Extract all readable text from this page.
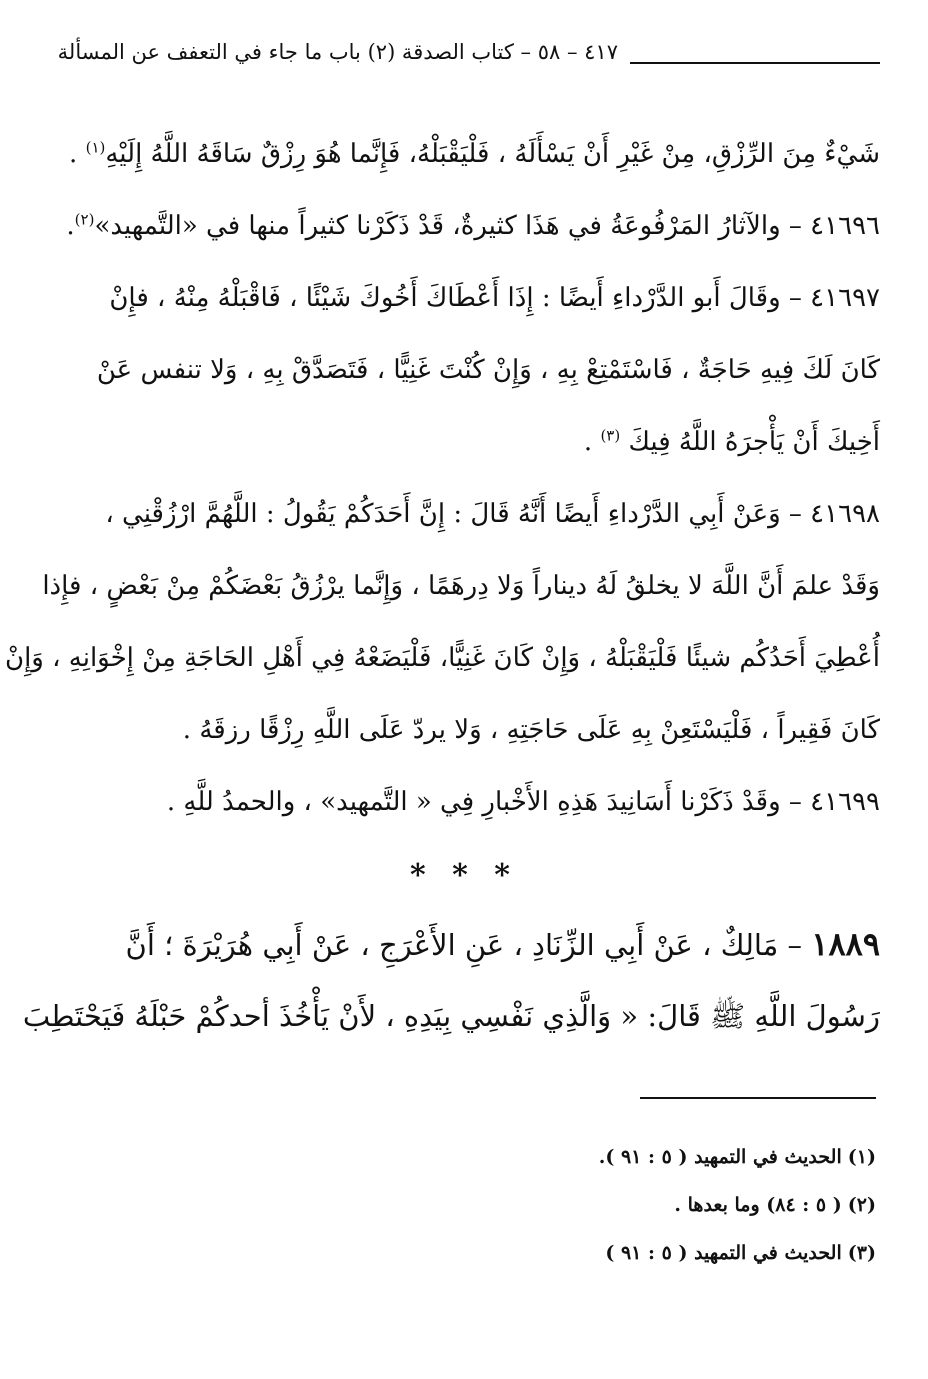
٤١٧ – ٥٨ – كتاب الصدقة (٢) باب ما جاء في التعفف عن المسألة
شَيْءٌ مِنَ الرِّزْقِ، مِنْ غَيْرِ أَنْ يَسْأَلَهُ ، فَلْيَقْبَلْهُ، فَإِنَّما هُوَ رِزْقٌ سَاقَهُ اللَّهُ إِلَيْهِ$^{(١)}$ .
٤١٦٩٦ – والآثارُ المَرْفُوعَةُ في هَذَا كثيرةٌ، قَدْ ذَكَرْنا كثيراً منها في «التَّمهيد»$^{(٢)}$.
٤١٦٩٧ – وقَالَ أَبو الدَّرْداءِ أَيضًا : إِذَا أَعْطَاكَ أَخُوكَ شَيْئًا ، فَاقْبَلْهُ مِنْهُ ، فإِنْ
كَانَ لَكَ فِيهِ حَاجَةٌ ، فَاسْتَمْتِعْ بِهِ ، وَإِنْ كُنْتَ غَنِيًّا ، فَتَصَدَّقْ بِهِ ، وَلا تنفس عَنْ
أَخِيكَ أَنْ يَأْجرَهُ اللَّهُ فِيكَ $^{(٣)}$ .
٤١٦٩٨ – وَعَنْ أَبِي الدَّرْداءِ أَيضًا أَنَّهُ قَالَ : إِنَّ أَحَدَكُمْ يَقُولُ : اللَّهُمَّ ارْزُقْنِي ،
وَقَدْ علمَ أَنَّ اللَّهَ لا يخلقُ لَهُ ديناراً وَلا دِرهَمًا ، وَإِنَّما يرْزُقُ بَعْضَكُمْ مِنْ بَعْضٍ ، فإِذا
أُعْطِيَ أَحَدُكُم شيئًا فَلْيَقْبَلْهُ ، وَإِنْ كَانَ غَنِيًّا، فَلْيَضَعْهُ فِي أَهْلِ الحَاجَةِ مِنْ إِخْوَانِهِ ، وَإِنْ
كَانَ فَقِيراً ، فَلْيَسْتَعِنْ بِهِ عَلَى حَاجَتِهِ ، وَلا يردّ عَلَى اللَّهِ رِزْقًا رزقَهُ .
٤١٦٩٩ – وقَدْ ذَكَرْنا أَسَانِيدَ هَذِهِ الأَخْبارِ فِي « التَّمهيد» ، والحمدُ للَّهِ .
* * *
١٨٨٩ – مَالِكٌ ، عَنْ أَبِي الزِّنَادِ ، عَنِ الأَعْرَجِ ، عَنْ أَبِي هُرَيْرَةَ ؛ أَنَّ
رَسُولَ اللَّهِ ﷺ قَالَ: « وَالَّذِي نَفْسِي بِيَدِهِ ، لأَنْ يَأْخُذَ أحدكُمْ حَبْلَهُ فَيَحْتَطِبَ
(١) الحديث في التمهيد ( ٥ : ٩١ ).
(٢) ( ٥ : ٨٤) وما بعدها .
(٣) الحديث في التمهيد ( ٥ : ٩١ )
